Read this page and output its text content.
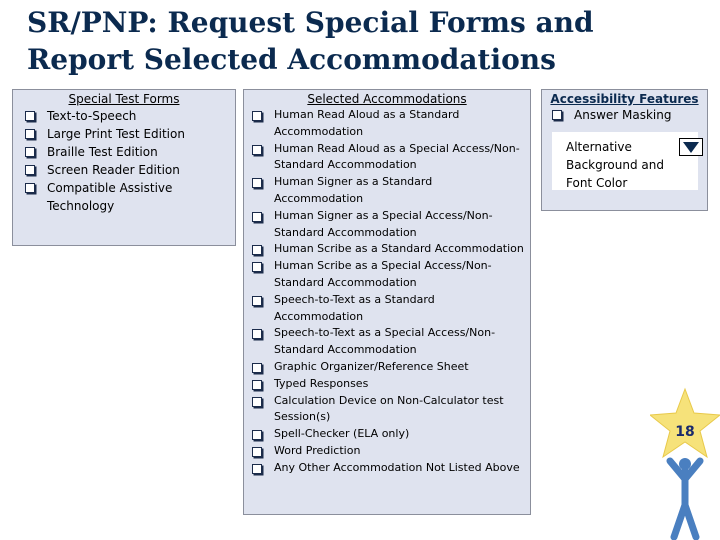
SR/PNP: Request Special Forms and
Report Selected Accommodations
Special Test Forms
Text-to-Speech
Large Print Test Edition
Braille Test Edition
Screen Reader Edition
Compatible Assistive Technology
Selected Accommodations
Human Read Aloud as a Standard Accommodation
Human Read Aloud as a Special Access/Non-Standard Accommodation
Human Signer as a Standard Accommodation
Human Signer as a Special Access/Non-Standard Accommodation
Human Scribe as a Standard Accommodation
Human Scribe as a Special Access/Non-Standard Accommodation
Speech-to-Text as a Standard Accommodation
Speech-to-Text as a Special Access/Non-Standard Accommodation
Graphic Organizer/Reference Sheet
Typed Responses
Calculation Device on Non-Calculator test Session(s)
Spell-Checker (ELA only)
Word Prediction
Any Other Accommodation Not Listed Above
Accessibility Features
Answer Masking
Alternative Background and Font Color
18
